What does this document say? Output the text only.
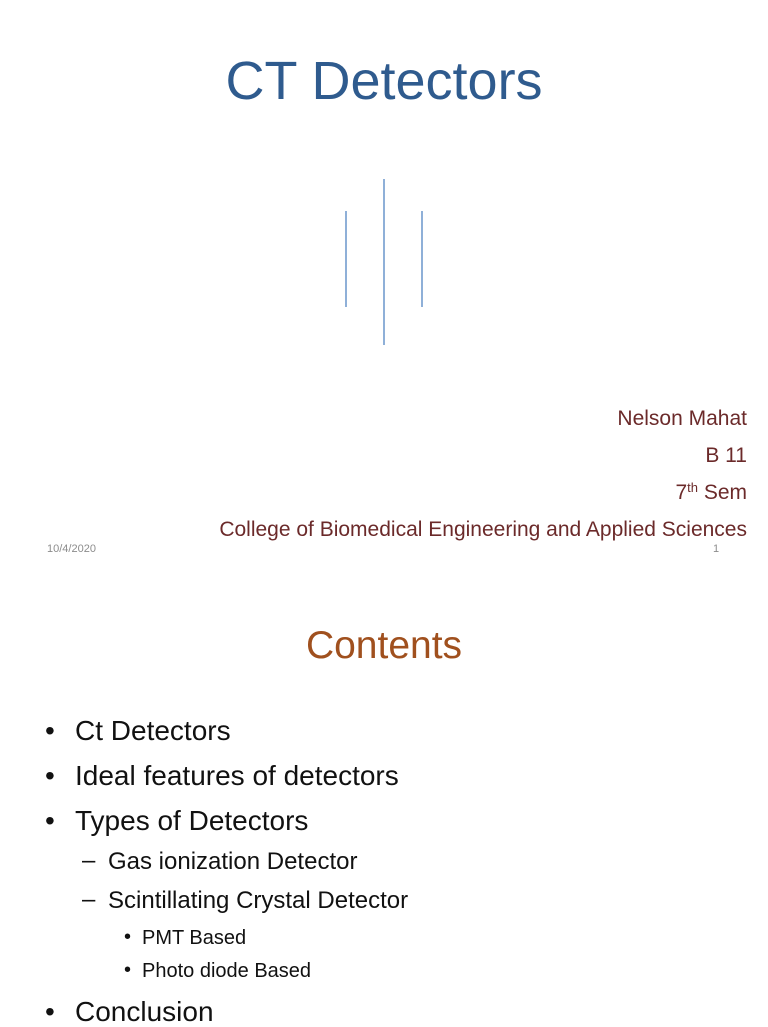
CT Detectors
Nelson Mahat
B 11
7th Sem
College of Biomedical Engineering and Applied Sciences
10/4/2020	1
Contents
• Ct Detectors
• Ideal features of detectors
• Types of Detectors
– Gas ionization Detector
– Scintillating Crystal Detector
• PMT Based
• Photo diode Based
• Conclusion
